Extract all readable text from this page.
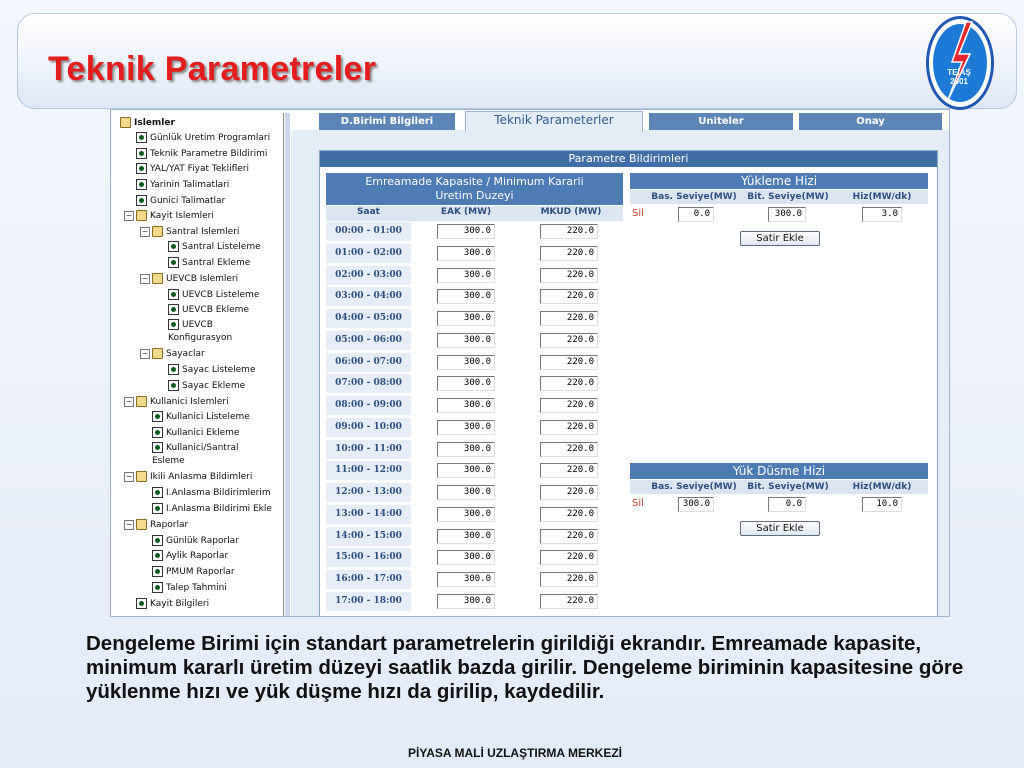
Teknik Parametreler	TEİAŞ
2001
Islemler
Günlük Uretim Programlari
Teknik Parametre Bildirimi
YAL/YAT Fiyat Teklifleri
Yarinin Talimatlari
Gunici Talimatlar
− Kayit Islemleri
− Santral Islemleri
Santral Listeleme
Santral Ekleme
− UEVCB Islemleri
UEVCB Listeleme
UEVCB Ekleme
UEVCB Konfigurasyon
− Sayaclar
Sayac Listeleme
Sayac Ekleme
− Kullanici Islemleri
Kullanici Listeleme
Kullanici Ekleme
Kullanici/Santral Esleme
− Ikili Anlasma Bildimleri
I.Anlasma Bildirimlerim
I.Anlasma Bildirimi Ekle
− Raporlar
Günlük Raporlar
Aylik Raporlar
PMUM Raporlar
Talep Tahmini
Kayit Bilgileri
D.Birimi Bilgileri	Teknik Parameterler	Uniteler	Onay
Parametre Bildirimleri
Emreamade Kapasite / Minimum Kararli
Uretim Duzeyi
Saat	EAK (MW)	MKUD (MW)
00:00 - 01:00	300.0	220.0
01:00 - 02:00	300.0	220.0
02:00 - 03:00	300.0	220.0
03:00 - 04:00	300.0	220.0
04:00 - 05:00	300.0	220.0
05:00 - 06:00	300.0	220.0
06:00 - 07:00	300.0	220.0
07:00 - 08:00	300.0	220.0
08:00 - 09:00	300.0	220.0
09:00 - 10:00	300.0	220.0
10:00 - 11:00	300.0	220.0
11:00 - 12:00	300.0	220.0
12:00 - 13:00	300.0	220.0
13:00 - 14:00	300.0	220.0
14:00 - 15:00	300.0	220.0
15:00 - 16:00	300.0	220.0
16:00 - 17:00	300.0	220.0
17:00 - 18:00	300.0	220.0
Yükleme Hizi
Bas. Seviye(MW)	Bit. Seviye(MW)	Hiz(MW/dk)
Sil	0.0	300.0	3.0
Satir Ekle
Yük Düsme Hizi
Bas. Seviye(MW)	Bit. Seviye(MW)	Hiz(MW/dk)
Sil	300.0	0.0	10.0
Satir Ekle
Dengeleme Birimi için standart parametrelerin girildiği ekrandır. Emreamade kapasite, minimum kararlı üretim düzeyi saatlik bazda girilir. Dengeleme biriminin kapasitesine göre yüklenme hızı ve yük düşme hızı da girilip, kaydedilir.
PİYASA MALİ UZLAŞTIRMA MERKEZİ
